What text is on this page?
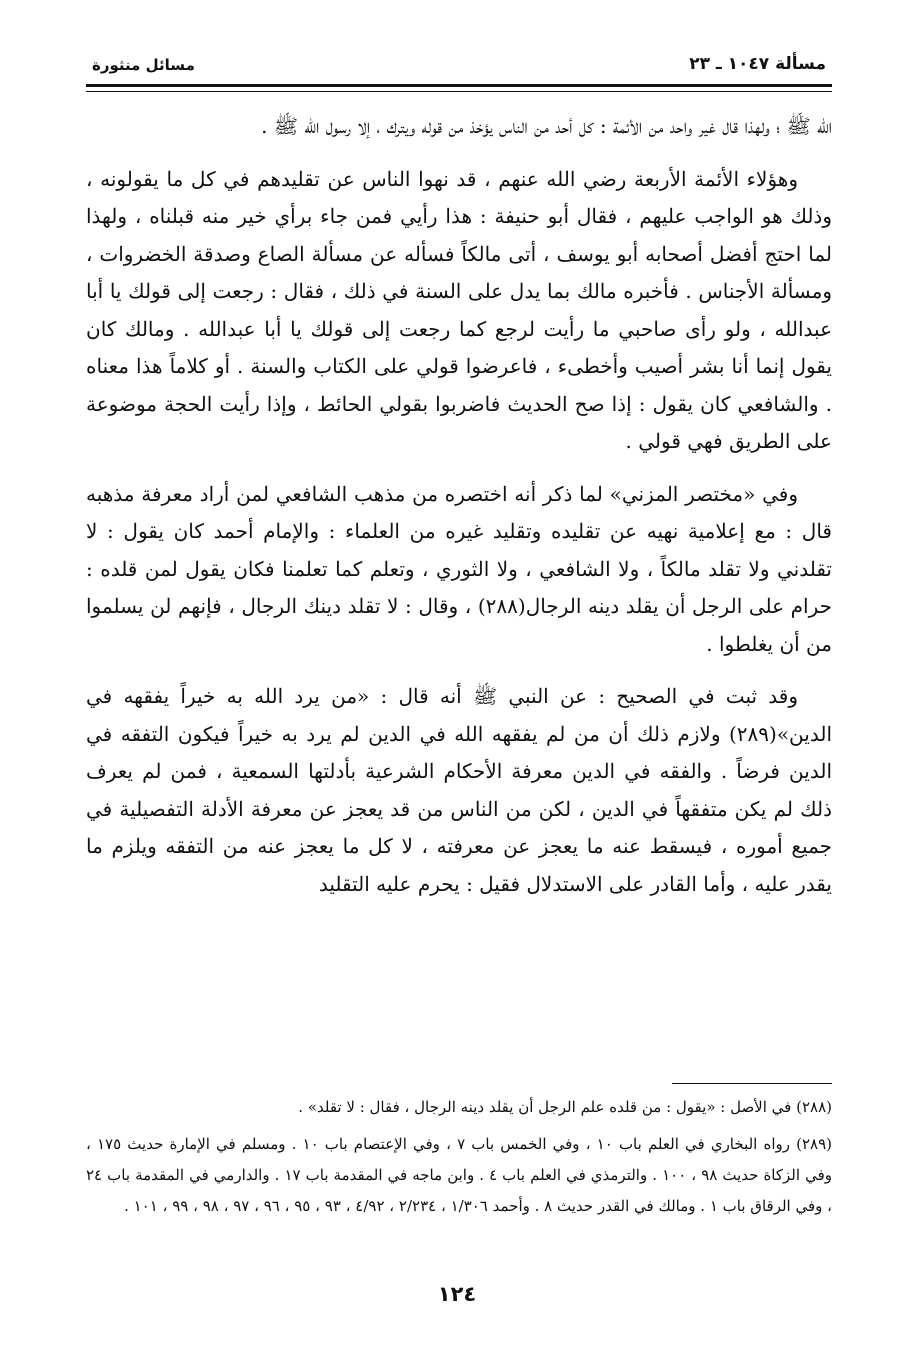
مسألة ١٠٤٧ ـ ٢٣
مسائل منثورة

الله ﷺ ؛ ولهذا قال غير واحد من الأئمة : كل أحد من الناس يؤخذ من قوله ويترك ، إلا رسول الله ﷺ .

وهؤلاء الأئمة الأربعة رضي الله عنهم ، قد نهوا الناس عن تقليدهم في كل ما يقولونه ، وذلك هو الواجب عليهم ، فقال أبو حنيفة : هذا رأيي فمن جاء برأي خير منه قبلناه ، ولهذا لما احتج أفضل أصحابه أبو يوسف ، أتى مالكاً فسأله عن مسألة الصاع وصدقة الخضروات ، ومسألة الأجناس . فأخبره مالك بما يدل على السنة في ذلك ، فقال : رجعت إلى قولك يا أبا عبدالله ، ولو رأى صاحبي ما رأيت لرجع كما رجعت إلى قولك يا أبا عبدالله . ومالك كان يقول إنما أنا بشر أصيب وأخطىء ، فاعرضوا قولي على الكتاب والسنة . أو كلاماً هذا معناه . والشافعي كان يقول : إذا صح الحديث فاضربوا بقولي الحائط ، وإذا رأيت الحجة موضوعة على الطريق فهي قولي .

وفي «مختصر المزني» لما ذكر أنه اختصره من مذهب الشافعي لمن أراد معرفة مذهبه قال : مع إعلامية نهيه عن تقليده وتقليد غيره من العلماء : والإمام أحمد كان يقول : لا تقلدني ولا تقلد مالكاً ، ولا الشافعي ، ولا الثوري ، وتعلم كما تعلمنا فكان يقول لمن قلده : حرام على الرجل أن يقلد دينه الرجال(٢٨٨) ، وقال : لا تقلد دينك الرجال ، فإنهم لن يسلموا من أن يغلطوا .

وقد ثبت في الصحيح : عن النبي ﷺ أنه قال : «من يرد الله به خيراً يفقهه في الدين»(٢٨٩) ولازم ذلك أن من لم يفقهه الله في الدين لم يرد به خيراً فيكون التفقه في الدين فرضاً . والفقه في الدين معرفة الأحكام الشرعية بأدلتها السمعية ، فمن لم يعرف ذلك لم يكن متفقهاً في الدين ، لكن من الناس من قد يعجز عن معرفة الأدلة التفصيلية في جميع أموره ، فيسقط عنه ما يعجز عن معرفته ، لا كل ما يعجز عنه من التفقه ويلزم ما يقدر عليه ، وأما القادر على الاستدلال فقيل : يحرم عليه التقليد

(٢٨٨) في الأصل : «يقول : من قلده علم الرجل أن يقلد دينه الرجال ، فقال : لا تقلد» .

(٢٨٩) رواه البخاري في العلم باب ١٠ ، وفي الخمس باب ٧ ، وفي الإعتصام باب ١٠ . ومسلم في الإمارة حديث ١٧٥ ، وفي الزكاة حديث ٩٨ ، ١٠٠ . والترمذي في العلم باب ٤ . وابن ماجه في المقدمة باب ١٧ . والدارمي في المقدمة باب ٢٤ ، وفي الرقاق باب ١ . ومالك في القدر حديث ٨ . وأحمد ١/٣٠٦ ، ٢/٢٣٤ ، ٤/٩٢ ، ٩٣ ، ٩٥ ، ٩٦ ، ٩٧ ، ٩٨ ، ٩٩ ، ١٠١ .

١٢٤
